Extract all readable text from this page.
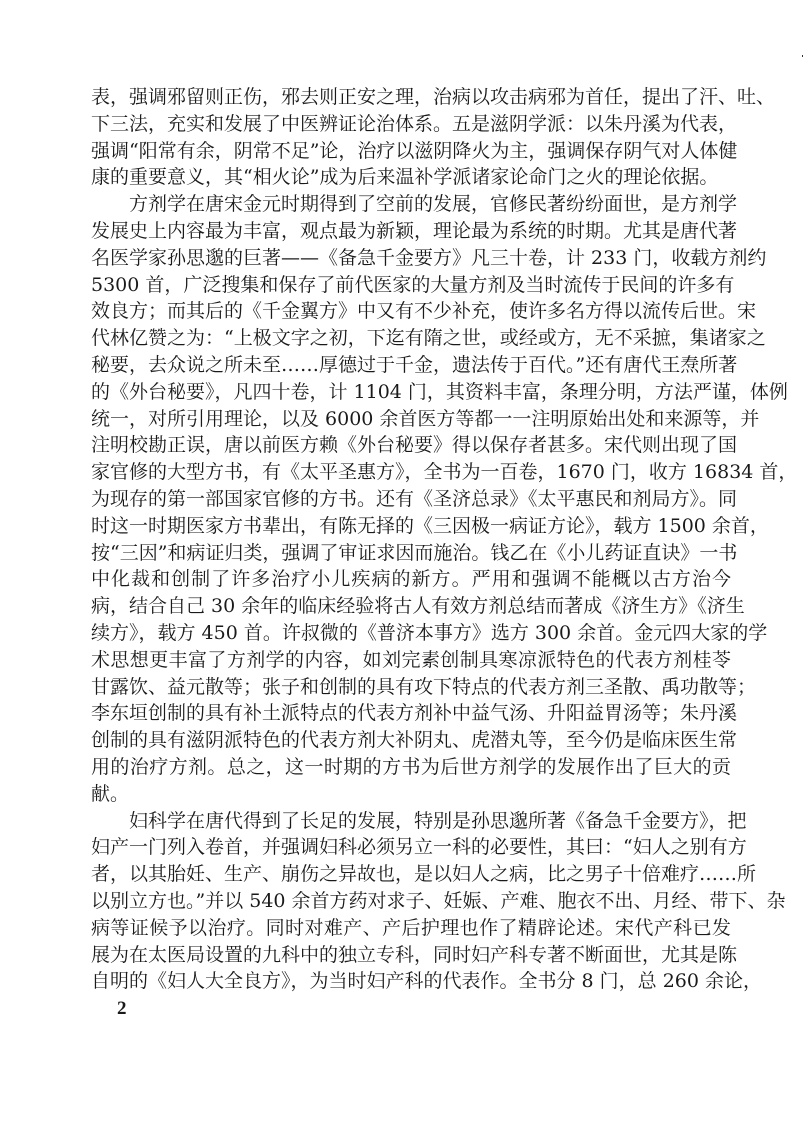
表，强调邪留则正伤，邪去则正安之理，治病以攻击病邪为首任，提出了汗、吐、
下三法，充实和发展了中医辨证论治体系。五是滋阴学派：以朱丹溪为代表，
强调“阳常有余，阴常不足”论，治疗以滋阴降火为主，强调保存阴气对人体健
康的重要意义，其“相火论”成为后来温补学派诸家论命门之火的理论依据。
方剂学在唐宋金元时期得到了空前的发展，官修民著纷纷面世，是方剂学
发展史上内容最为丰富，观点最为新颖，理论最为系统的时期。尤其是唐代著
名医学家孙思邈的巨著——《备急千金要方》凡三十卷，计 233 门，收载方剂约
5300 首，广泛搜集和保存了前代医家的大量方剂及当时流传于民间的许多有
效良方；而其后的《千金翼方》中又有不少补充，使许多名方得以流传后世。宋
代林亿赞之为：“上极文字之初，下迄有隋之世，或经或方，无不采摭，集诸家之
秘要，去众说之所未至……厚德过于千金，遗法传于百代。”还有唐代王焘所著
的《外台秘要》，凡四十卷，计 1104 门，其资料丰富，条理分明，方法严谨，体例
统一，对所引用理论，以及 6000 余首医方等都一一注明原始出处和来源等，并
注明校勘正误，唐以前医方赖《外台秘要》得以保存者甚多。宋代则出现了国
家官修的大型方书，有《太平圣惠方》，全书为一百卷，1670 门，收方 16834 首，
为现存的第一部国家官修的方书。还有《圣济总录》《太平惠民和剂局方》。同
时这一时期医家方书辈出，有陈无择的《三因极一病证方论》，载方 1500 余首，
按“三因”和病证归类，强调了审证求因而施治。钱乙在《小儿药证直诀》一书
中化裁和创制了许多治疗小儿疾病的新方。严用和强调不能概以古方治今
病，结合自己 30 余年的临床经验将古人有效方剂总结而著成《济生方》《济生
续方》，载方 450 首。许叔微的《普济本事方》选方 300 余首。金元四大家的学
术思想更丰富了方剂学的内容，如刘完素创制具寒凉派特色的代表方剂桂苓
甘露饮、益元散等；张子和创制的具有攻下特点的代表方剂三圣散、禹功散等；
李东垣创制的具有补土派特点的代表方剂补中益气汤、升阳益胃汤等；朱丹溪
创制的具有滋阴派特色的代表方剂大补阴丸、虎潜丸等，至今仍是临床医生常
用的治疗方剂。总之，这一时期的方书为后世方剂学的发展作出了巨大的贡
献。
妇科学在唐代得到了长足的发展，特别是孙思邈所著《备急千金要方》，把
妇产一门列入卷首，并强调妇科必须另立一科的必要性，其曰：“妇人之别有方
者，以其胎妊、生产、崩伤之异故也，是以妇人之病，比之男子十倍难疗……所
以别立方也。”并以 540 余首方药对求子、妊娠、产难、胞衣不出、月经、带下、杂
病等证候予以治疗。同时对难产、产后护理也作了精辟论述。宋代产科已发
展为在太医局设置的九科中的独立专科，同时妇产科专著不断面世，尤其是陈
自明的《妇人大全良方》，为当时妇产科的代表作。全书分 8 门，总 260 余论，
2
